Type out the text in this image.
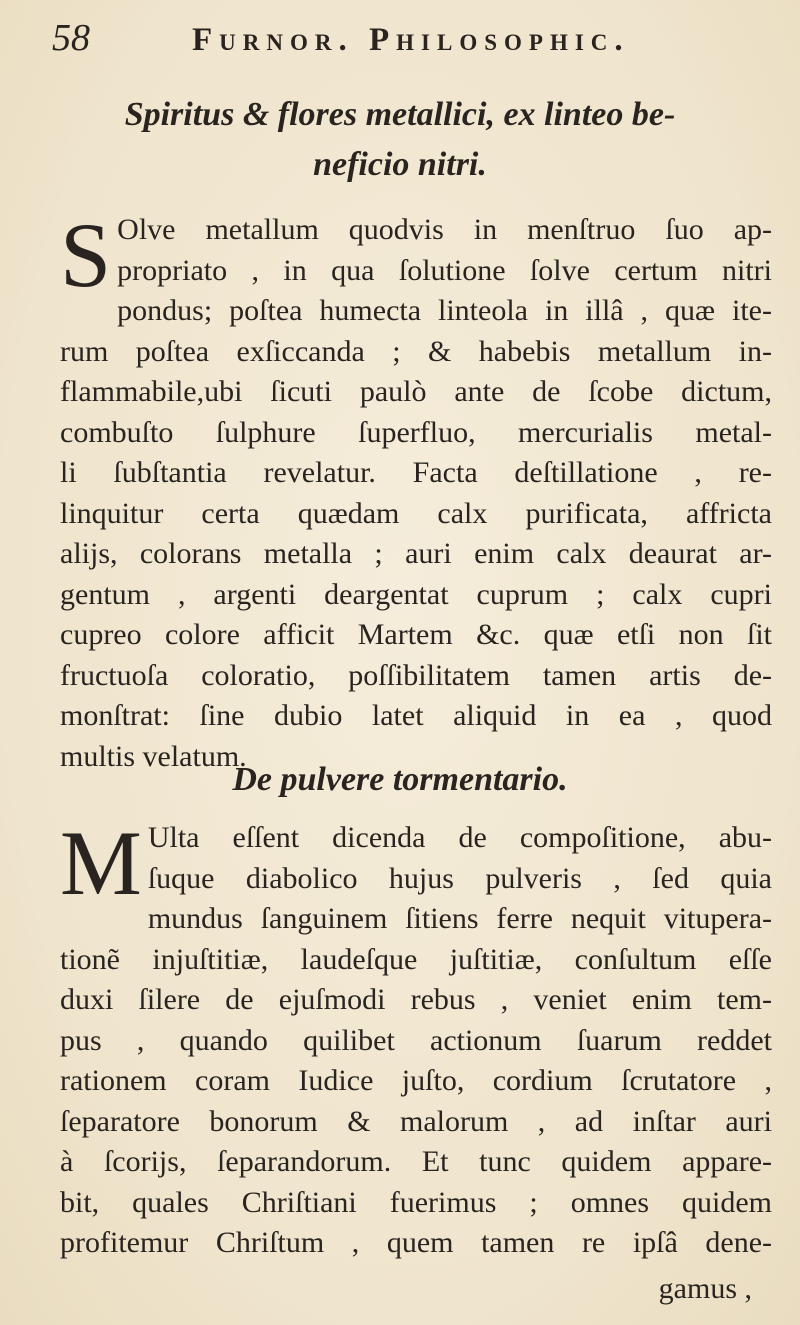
58	Furnor. Philosophic.
Spiritus & flores metallici, ex linteo be-
neficio nitri.
S Olve metallum quodvis in menſtruo ſuo ap-
propriato , in qua ſolutione ſolve certum nitri
pondus; poſtea humecta linteola in illâ , quæ ite-
rum poſtea exſiccanda ; & habebis metallum in-
flammabile,ubi ſicuti paulò ante de ſcobe dictum,
combuſto ſulphure ſuperfluo, mercurialis metal-
li ſubſtantia revelatur. Facta deſtillatione , re-
linquitur certa quædam calx purificata, affricta
alijs, colorans metalla ; auri enim calx deaurat ar-
gentum , argenti deargentat cuprum ; calx cupri
cupreo colore afficit Martem &c. quæ etſi non ſit
fructuoſa coloratio, poſſibilitatem tamen artis de-
monſtrat: ſine dubio latet aliquid in ea , quod
multis velatum.
De pulvere tormentario.
M Ulta eſſent dicenda de compoſitione, abu-
ſuque diabolico hujus pulveris , ſed quia
mundus ſanguinem ſitiens ferre nequit vitupera-
tionẽ injuſtitiæ, laudeſque juſtitiæ, conſultum eſſe
duxi ſilere de ejuſmodi rebus , veniet enim tem-
pus , quando quilibet actionum ſuarum reddet
rationem coram Iudice juſto, cordium ſcrutatore ,
ſeparatore bonorum & malorum , ad inſtar auri
à ſcorijs, ſeparandorum. Et tunc quidem appare-
bit, quales Chriſtiani fuerimus ; omnes quidem
profitemur Chriſtum , quem tamen re ipſâ dene-
gamus ,
